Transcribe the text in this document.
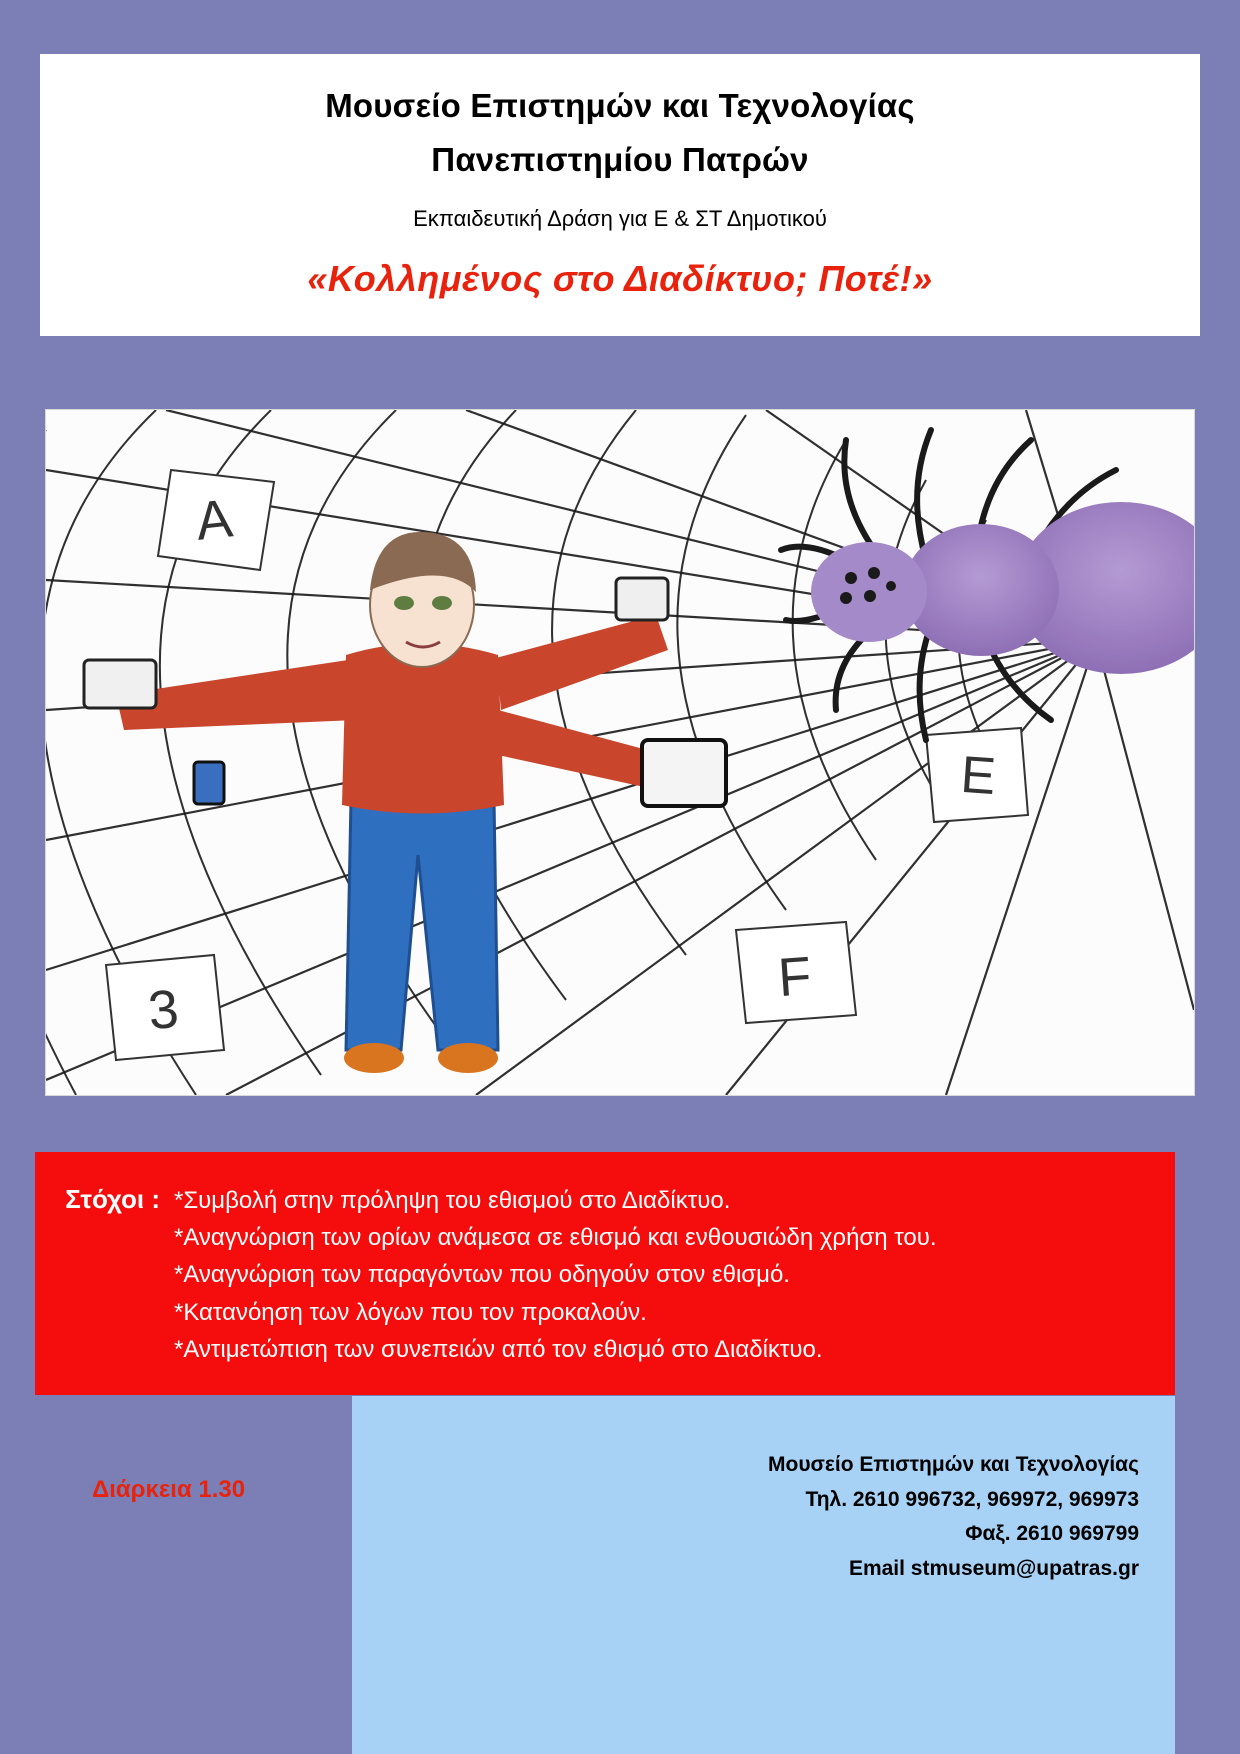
Μουσείο Επιστημών και Τεχνολογίας
Πανεπιστημίου Πατρών
Εκπαιδευτική Δράση για Ε & ΣΤ Δημοτικού
«Κολλημένος στο Διαδίκτυο; Ποτέ!»
A
E
3
F
Στόχοι : *Συμβολή στην πρόληψη του εθισμού στο Διαδίκτυο.
*Αναγνώριση των ορίων ανάμεσα σε εθισμό και ενθουσιώδη χρήση του.
*Αναγνώριση των παραγόντων που οδηγούν στον εθισμό.
*Κατανόηση των λόγων που τον προκαλούν.
*Αντιμετώπιση των συνεπειών από τον εθισμό στο Διαδίκτυο.
Μουσείο Επιστημών και Τεχνολογίας
Τηλ. 2610 996732, 969972, 969973
Φαξ. 2610 969799
Email stmuseum@upatras.gr
Διάρκεια 1.30
